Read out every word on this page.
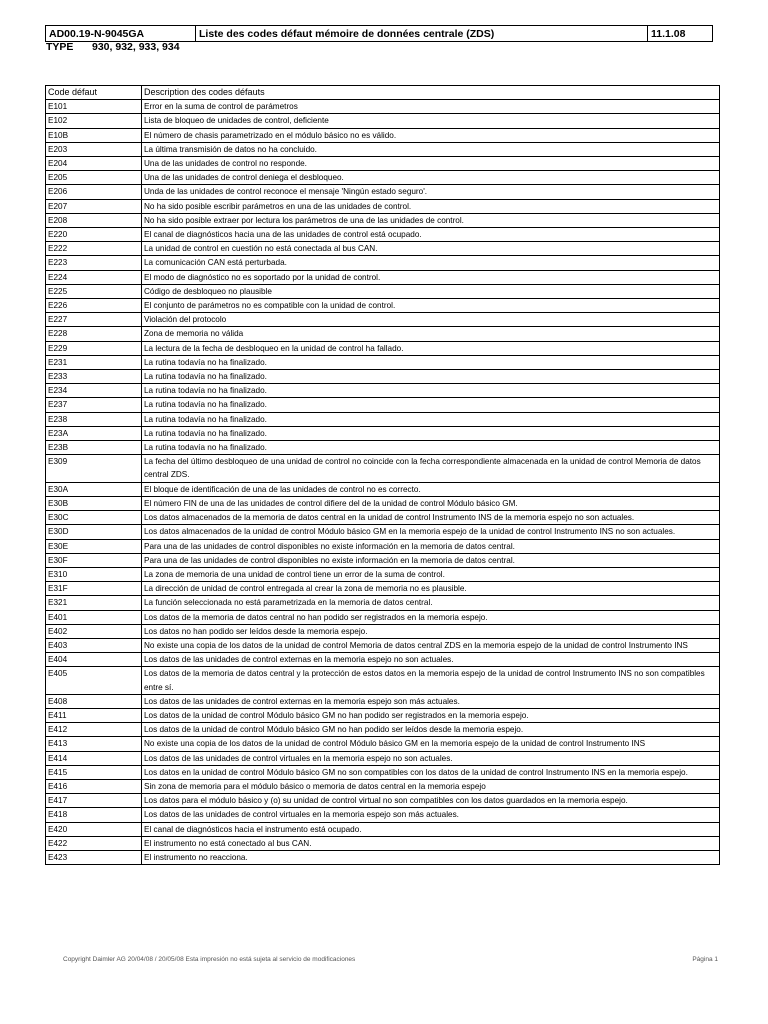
AD00.19-N-9045GA	Liste des codes défaut mémoire de données centrale (ZDS)	11.1.08
TYPE 930, 932, 933, 934
Code défaut	Description des codes défauts
E101	Error en la suma de control de parámetros
E102	Lista de bloqueo de unidades de control, deficiente
E10B	El número de chasis parametrizado en el módulo básico no es válido.
E203	La última transmisión de datos no ha concluido.
E204	Una de las unidades de control no responde.
E205	Una de las unidades de control deniega el desbloqueo.
E206	Unda de las unidades de control reconoce el mensaje 'Ningún estado seguro'.
E207	No ha sido posible escribir parámetros en una de las unidades de control.
E208	No ha sido posible extraer por lectura los parámetros de una de las unidades de control.
E220	El canal de diagnósticos hacia una de las unidades de control está ocupado.
E222	La unidad de control en cuestión no está conectada al bus CAN.
E223	La comunicación CAN está perturbada.
E224	El modo de diagnóstico no es soportado por la unidad de control.
E225	Código de desbloqueo no plausible
E226	El conjunto de parámetros no es compatible con la unidad de control.
E227	Violación del protocolo
E228	Zona de memoria no válida
E229	La lectura de la fecha de desbloqueo en la unidad de control ha fallado.
E231	La rutina todavía no ha finalizado.
E233	La rutina todavía no ha finalizado.
E234	La rutina todavía no ha finalizado.
E237	La rutina todavía no ha finalizado.
E238	La rutina todavía no ha finalizado.
E23A	La rutina todavía no ha finalizado.
E23B	La rutina todavía no ha finalizado.
E309	La fecha del último desbloqueo de una unidad de control no coincide con la fecha correspondiente almacenada en la unidad de control Memoria de datos central ZDS.
E30A	El bloque de identificación de una de las unidades de control no es correcto.
E30B	El número FIN de una de las unidades de control difiere del de la unidad de control Módulo básico GM.
E30C	Los datos almacenados de la memoria de datos central en la unidad de control Instrumento INS de la memoria espejo no son actuales.
E30D	Los datos almacenados de la unidad de control Módulo básico GM en la memoria espejo de la unidad de control Instrumento INS no son actuales.
E30E	Para una de las unidades de control disponibles no existe información en la memoria de datos central.
E30F	Para una de las unidades de control disponibles no existe información en la memoria de datos central.
E310	La zona de memoria de una unidad de control tiene un error de la suma de control.
E31F	La dirección de unidad de control entregada al crear la zona de memoria no es plausible.
E321	La función seleccionada no está parametrizada en la memoria de datos central.
E401	Los datos de la memoria de datos central no han podido ser registrados en la memoria espejo.
E402	Los datos no han podido ser leídos desde la memoria espejo.
E403	No existe una copia de los datos de la unidad de control Memoria de datos central ZDS en la memoria espejo de la unidad de control Instrumento INS
E404	Los datos de las unidades de control externas en la memoria espejo no son actuales.
E405	Los datos de la memoria de datos central y la protección de estos datos en la memoria espejo de la unidad de control Instrumento INS no son compatibles entre sí.
E408	Los datos de las unidades de control externas en la memoria espejo son más actuales.
E411	Los datos de la unidad de control Módulo básico GM no han podido ser registrados en la memoria espejo.
E412	Los datos de la unidad de control Módulo básico GM no han podido ser leídos desde la memoria espejo.
E413	No existe una copia de los datos de la unidad de control Módulo básico GM en la memoria espejo de la unidad de control Instrumento INS
E414	Los datos de las unidades de control virtuales en la memoria espejo no son actuales.
E415	Los datos en la unidad de control Módulo básico GM no son compatibles con los datos de la unidad de control Instrumento INS en la memoria espejo.
E416	Sin zona de memoria para el módulo básico o memoria de datos central en la memoria espejo
E417	Los datos para el módulo básico y (o) su unidad de control virtual no son compatibles con los datos guardados en la memoria espejo.
E418	Los datos de las unidades de control virtuales en la memoria espejo son más actuales.
E420	El canal de diagnósticos hacia el instrumento está ocupado.
E422	El instrumento no está conectado al bus CAN.
E423	El instrumento no reacciona.
Copyright Daimler AG 20/04/08 / 20/05/08 Esta impresión no está sujeta al servicio de modificaciones	Página 1
